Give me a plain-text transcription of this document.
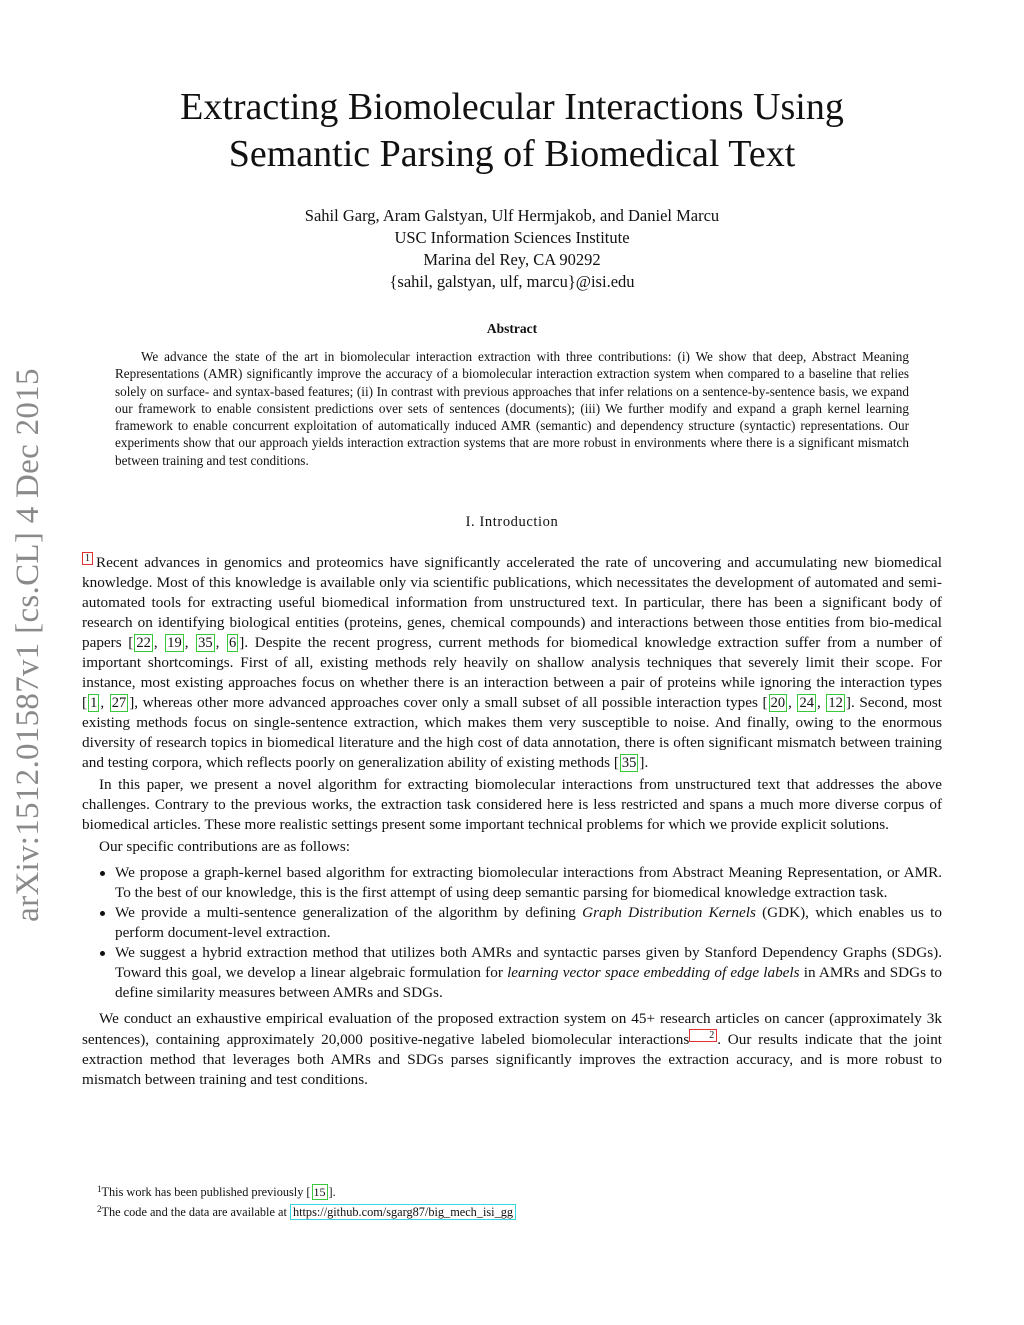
arXiv:1512.01587v1 [cs.CL] 4 Dec 2015
Extracting Biomolecular Interactions Using
Semantic Parsing of Biomedical Text
Sahil Garg, Aram Galstyan, Ulf Hermjakob, and Daniel Marcu
USC Information Sciences Institute
Marina del Rey, CA 90292
{sahil, galstyan, ulf, marcu}@isi.edu
Abstract

We advance the state of the art in biomolecular interaction extraction with three contributions: (i) We show that deep, Abstract Meaning Representations (AMR) significantly improve the accuracy of a biomolecular interaction extraction system when compared to a baseline that relies solely on surface- and syntax-based features; (ii) In contrast with previous approaches that infer relations on a sentence-by-sentence basis, we expand our framework to enable consistent predictions over sets of sentences (documents); (iii) We further modify and expand a graph kernel learning framework to enable concurrent exploitation of automatically induced AMR (semantic) and dependency structure (syntactic) representations. Our experiments show that our approach yields interaction extraction systems that are more robust in environments where there is a significant mismatch between training and test conditions.

I. Introduction

1 Recent advances in genomics and proteomics have significantly accelerated the rate of uncovering and accumulating new biomedical knowledge. Most of this knowledge is available only via scientific publications, which necessitates the development of automated and semi-automated tools for extracting useful biomedical information from unstructured text. In particular, there has been a significant body of research on identifying biological entities (proteins, genes, chemical compounds) and interactions between those entities from bio-medical papers [ 22 , 19 , 35 , 6 ]. Despite the recent progress, current methods for biomedical knowledge extraction suffer from a number of important shortcomings. First of all, existing methods rely heavily on shallow analysis techniques that severely limit their scope. For instance, most existing approaches focus on whether there is an interaction between a pair of proteins while ignoring the interaction types [ 1 , 27 ], whereas other more advanced approaches cover only a small subset of all possible interaction types [ 20 , 24 , 12 ]. Second, most existing methods focus on single-sentence extraction, which makes them very susceptible to noise. And finally, owing to the enormous diversity of research topics in biomedical literature and the high cost of data annotation, there is often significant mismatch between training and testing corpora, which reflects poorly on generalization ability of existing methods [ 35 ].

In this paper, we present a novel algorithm for extracting biomolecular interactions from unstructured text that addresses the above challenges. Contrary to the previous works, the extraction task considered here is less restricted and spans a much more diverse corpus of biomedical articles. These more realistic settings present some important technical problems for which we provide explicit solutions.

Our specific contributions are as follows:

We propose a graph-kernel based algorithm for extracting biomolecular interactions from Abstract Meaning Representation, or AMR. To the best of our knowledge, this is the first attempt of using deep semantic parsing for biomedical knowledge extraction task.
We provide a multi-sentence generalization of the algorithm by defining Graph Distribution Kernels (GDK), which enables us to perform document-level extraction.
We suggest a hybrid extraction method that utilizes both AMRs and syntactic parses given by Stanford Dependency Graphs (SDGs). Toward this goal, we develop a linear algebraic formulation for learning vector space embedding of edge labels in AMRs and SDGs to define similarity measures between AMRs and SDGs.

We conduct an exhaustive empirical evaluation of the proposed extraction system on 45+ research articles on cancer (approximately 3k sentences), containing approximately 20,000 positive-negative labeled biomolecular interactions 2 . Our results indicate that the joint extraction method that leverages both AMRs and SDGs parses significantly improves the extraction accuracy, and is more robust to mismatch between training and test conditions.

$^1$This work has been published previously [ 15 ].
$^2$The code and the data are available at https://github.com/sgarg87/big_mech_isi_gg
